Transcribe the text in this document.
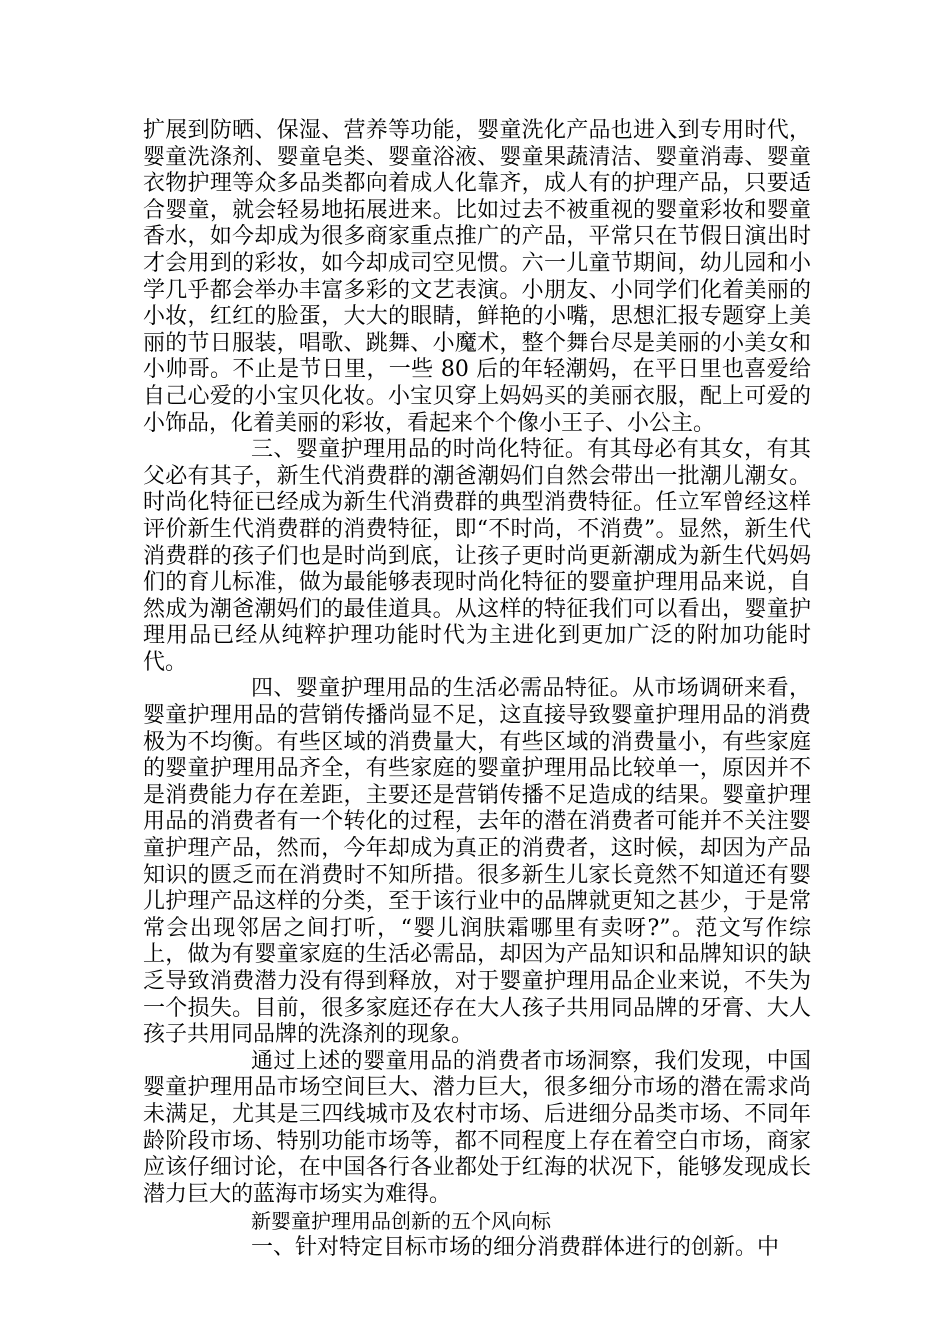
扩展到防晒、保湿、营养等功能，婴童洗化产品也进入到专用时代，婴童洗涤剂、婴童皂类、婴童浴液、婴童果蔬清洁、婴童消毒、婴童衣物护理等众多品类都向着成人化靠齐，成人有的护理产品，只要适合婴童，就会轻易地拓展进来。比如过去不被重视的婴童彩妆和婴童香水，如今却成为很多商家重点推广的产品，平常只在节假日演出时才会用到的彩妆，如今却成司空见惯。六一儿童节期间，幼儿园和小学几乎都会举办丰富多彩的文艺表演。小朋友、小同学们化着美丽的小妆，红红的脸蛋，大大的眼睛，鲜艳的小嘴，思想汇报专题穿上美丽的节日服装，唱歌、跳舞、小魔术，整个舞台尽是美丽的小美女和小帅哥。不止是节日里，一些 80 后的年轻潮妈，在平日里也喜爱给自己心爱的小宝贝化妆。小宝贝穿上妈妈买的美丽衣服，配上可爱的小饰品，化着美丽的彩妆，看起来个个像小王子、小公主。

三、婴童护理用品的时尚化特征。有其母必有其女，有其父必有其子，新生代消费群的潮爸潮妈们自然会带出一批潮儿潮女。时尚化特征已经成为新生代消费群的典型消费特征。任立军曾经这样评价新生代消费群的消费特征，即“不时尚，不消费”。显然，新生代消费群的孩子们也是时尚到底，让孩子更时尚更新潮成为新生代妈妈们的育儿标准，做为最能够表现时尚化特征的婴童护理用品来说，自然成为潮爸潮妈们的最佳道具。从这样的特征我们可以看出，婴童护理用品已经从纯粹护理功能时代为主进化到更加广泛的附加功能时代。

四、婴童护理用品的生活必需品特征。从市场调研来看，婴童护理用品的营销传播尚显不足，这直接导致婴童护理用品的消费极为不均衡。有些区域的消费量大，有些区域的消费量小，有些家庭的婴童护理用品齐全，有些家庭的婴童护理用品比较单一，原因并不是消费能力存在差距，主要还是营销传播不足造成的结果。婴童护理用品的消费者有一个转化的过程，去年的潜在消费者可能并不关注婴童护理产品，然而，今年却成为真正的消费者，这时候，却因为产品知识的匮乏而在消费时不知所措。很多新生儿家长竟然不知道还有婴儿护理产品这样的分类，至于该行业中的品牌就更知之甚少，于是常常会出现邻居之间打听，“婴儿润肤霜哪里有卖呀?”。范文写作综上，做为有婴童家庭的生活必需品，却因为产品知识和品牌知识的缺乏导致消费潜力没有得到释放，对于婴童护理用品企业来说，不失为一个损失。目前，很多家庭还存在大人孩子共用同品牌的牙膏、大人孩子共用同品牌的洗涤剂的现象。

通过上述的婴童用品的消费者市场洞察，我们发现，中国婴童护理用品市场空间巨大、潜力巨大，很多细分市场的潜在需求尚未满足，尤其是三四线城市及农村市场、后进细分品类市场、不同年龄阶段市场、特别功能市场等，都不同程度上存在着空白市场，商家应该仔细讨论，在中国各行各业都处于红海的状况下，能够发现成长潜力巨大的蓝海市场实为难得。

新婴童护理用品创新的五个风向标

一、针对特定目标市场的细分消费群体进行的创新。中
